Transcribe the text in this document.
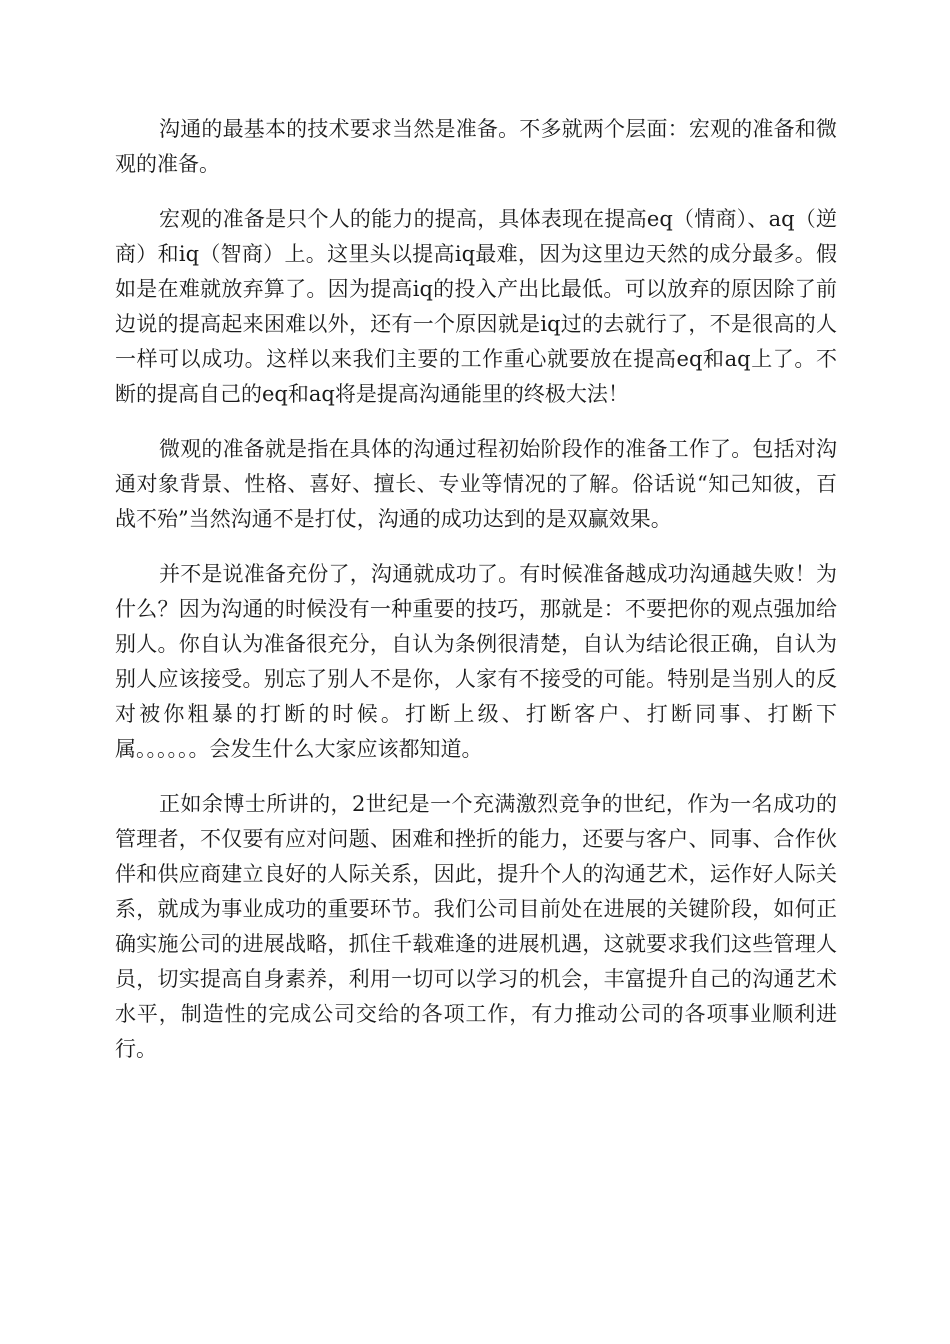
沟通的最基本的技术要求当然是准备。不多就两个层面：宏观的准备和微观的准备。

宏观的准备是只个人的能力的提高，具体表现在提高eq（情商）、aq（逆商）和iq（智商）上。这里头以提高iq最难，因为这里边天然的成分最多。假如是在难就放弃算了。因为提高iq的投入产出比最低。可以放弃的原因除了前边说的提高起来困难以外，还有一个原因就是iq过的去就行了，不是很高的人一样可以成功。这样以来我们主要的工作重心就要放在提高eq和aq上了。不断的提高自己的eq和aq将是提高沟通能里的终极大法！

微观的准备就是指在具体的沟通过程初始阶段作的准备工作了。包括对沟通对象背景、性格、喜好、擅长、专业等情况的了解。俗话说“知己知彼，百战不殆”当然沟通不是打仗，沟通的成功达到的是双赢效果。

并不是说准备充份了，沟通就成功了。有时候准备越成功沟通越失败！为什么？因为沟通的时候没有一种重要的技巧，那就是：不要把你的观点强加给别人。你自认为准备很充分，自认为条例很清楚，自认为结论很正确，自认为别人应该接受。别忘了别人不是你，人家有不接受的可能。特别是当别人的反对被你粗暴的打断的时候。打断上级、打断客户、打断同事、打断下属。。。。。。会发生什么大家应该都知道。

正如余博士所讲的，2世纪是一个充满激烈竞争的世纪，作为一名成功的管理者，不仅要有应对问题、困难和挫折的能力，还要与客户、同事、合作伙伴和供应商建立良好的人际关系，因此，提升个人的沟通艺术，运作好人际关系，就成为事业成功的重要环节。我们公司目前处在进展的关键阶段，如何正确实施公司的进展战略，抓住千载难逢的进展机遇，这就要求我们这些管理人员，切实提高自身素养，利用一切可以学习的机会，丰富提升自己的沟通艺术水平，制造性的完成公司交给的各项工作，有力推动公司的各项事业顺利进行。
